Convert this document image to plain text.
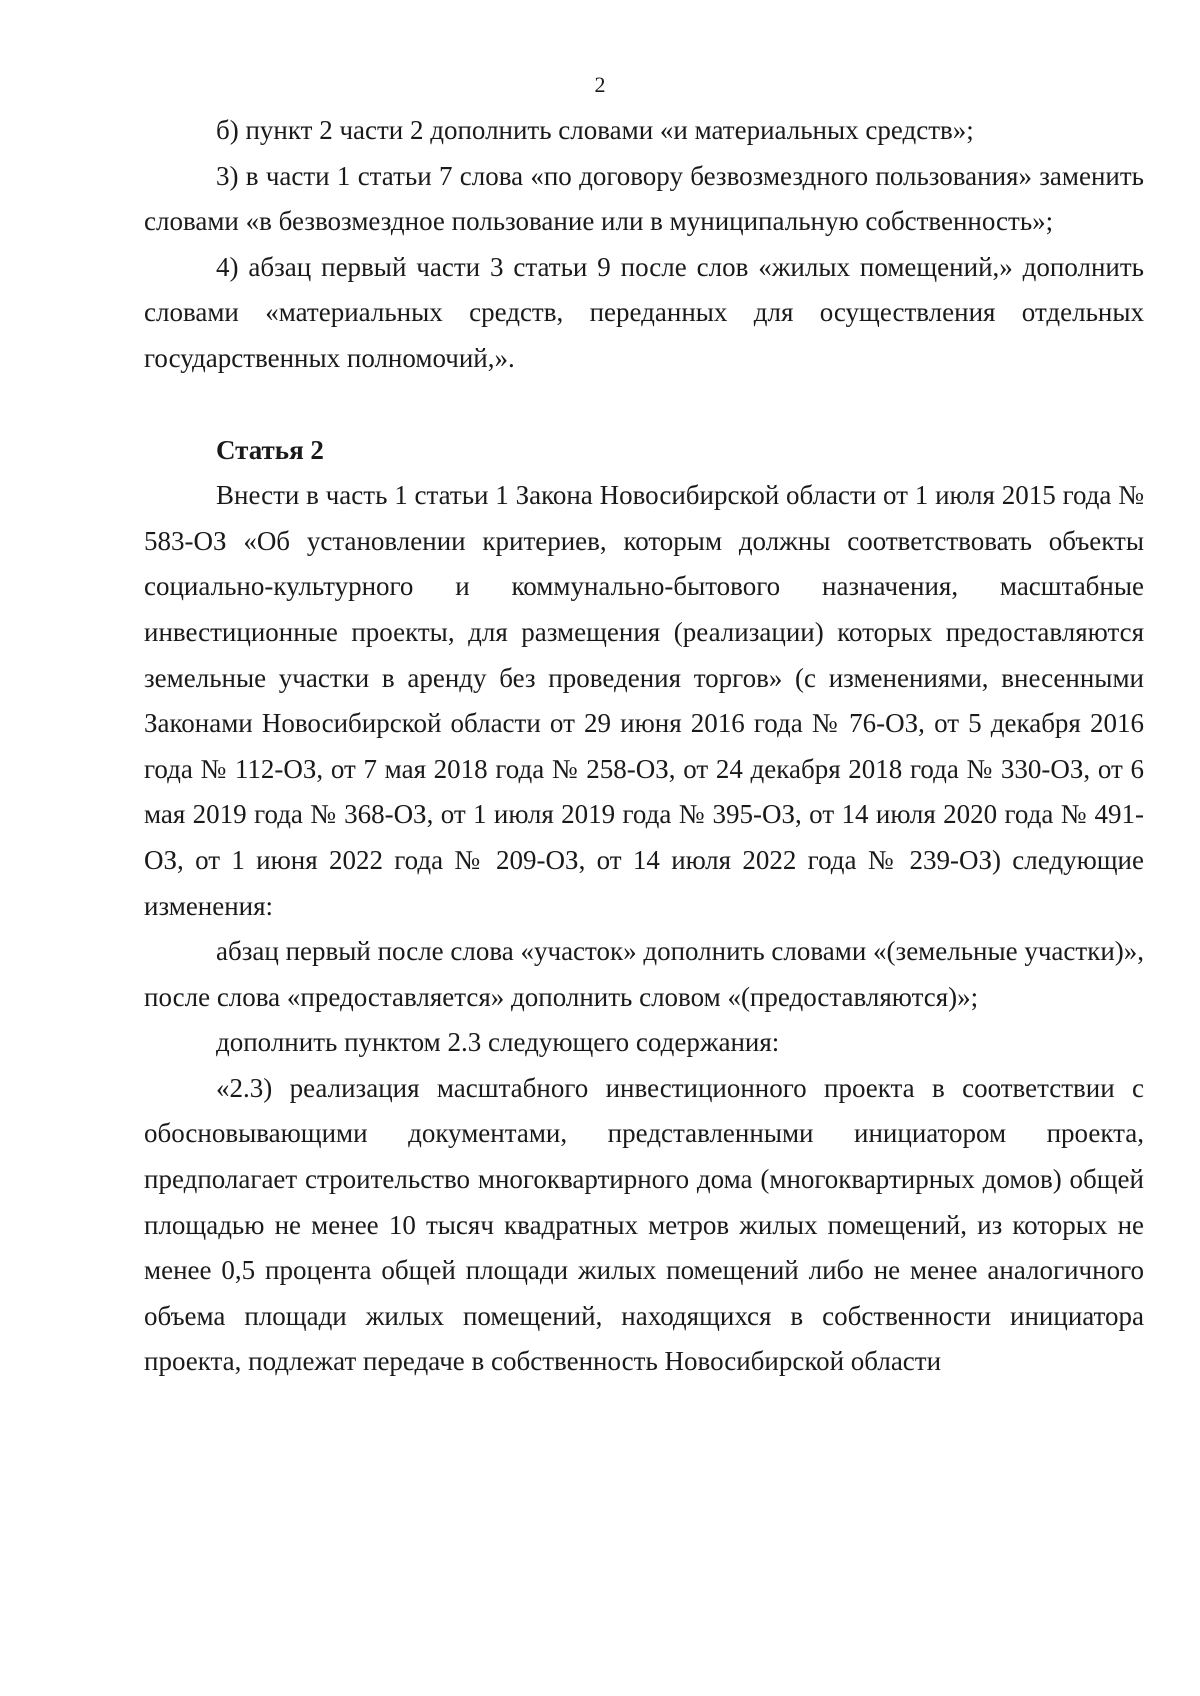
2

б) пункт 2 части 2 дополнить словами «и материальных средств»;

3) в части 1 статьи 7 слова «по договору безвозмездного пользования» заменить словами «в безвозмездное пользование или в муниципальную собственность»;

4) абзац первый части 3 статьи 9 после слов «жилых помещений,» дополнить словами «материальных средств, переданных для осуществления отдельных государственных полномочий,».

Статья 2

Внести в часть 1 статьи 1 Закона Новосибирской области от 1 июля 2015 года № 583-ОЗ «Об установлении критериев, которым должны соответствовать объекты социально-культурного и коммунально-бытового назначения, масштабные инвестиционные проекты, для размещения (реализации) которых предоставляются земельные участки в аренду без проведения торгов» (с изменениями, внесенными Законами Новосибирской области от 29 июня 2016 года № 76-ОЗ, от 5 декабря 2016 года № 112-ОЗ, от 7 мая 2018 года № 258-ОЗ, от 24 декабря 2018 года № 330-ОЗ, от 6 мая 2019 года № 368-ОЗ, от 1 июля 2019 года № 395-ОЗ, от 14 июля 2020 года № 491-ОЗ, от 1 июня 2022 года № 209-ОЗ, от 14 июля 2022 года № 239-ОЗ) следующие изменения:

абзац первый после слова «участок» дополнить словами «(земельные участки)», после слова «предоставляется» дополнить словом «(предоставляются)»;

дополнить пунктом 2.3 следующего содержания:

«2.3) реализация масштабного инвестиционного проекта в соответствии с обосновывающими документами, представленными инициатором проекта, предполагает строительство многоквартирного дома (многоквартирных домов) общей площадью не менее 10 тысяч квадратных метров жилых помещений, из которых не менее 0,5 процента общей площади жилых помещений либо не менее аналогичного объема площади жилых помещений, находящихся в собственности инициатора проекта, подлежат передаче в собственность Новосибирской области
